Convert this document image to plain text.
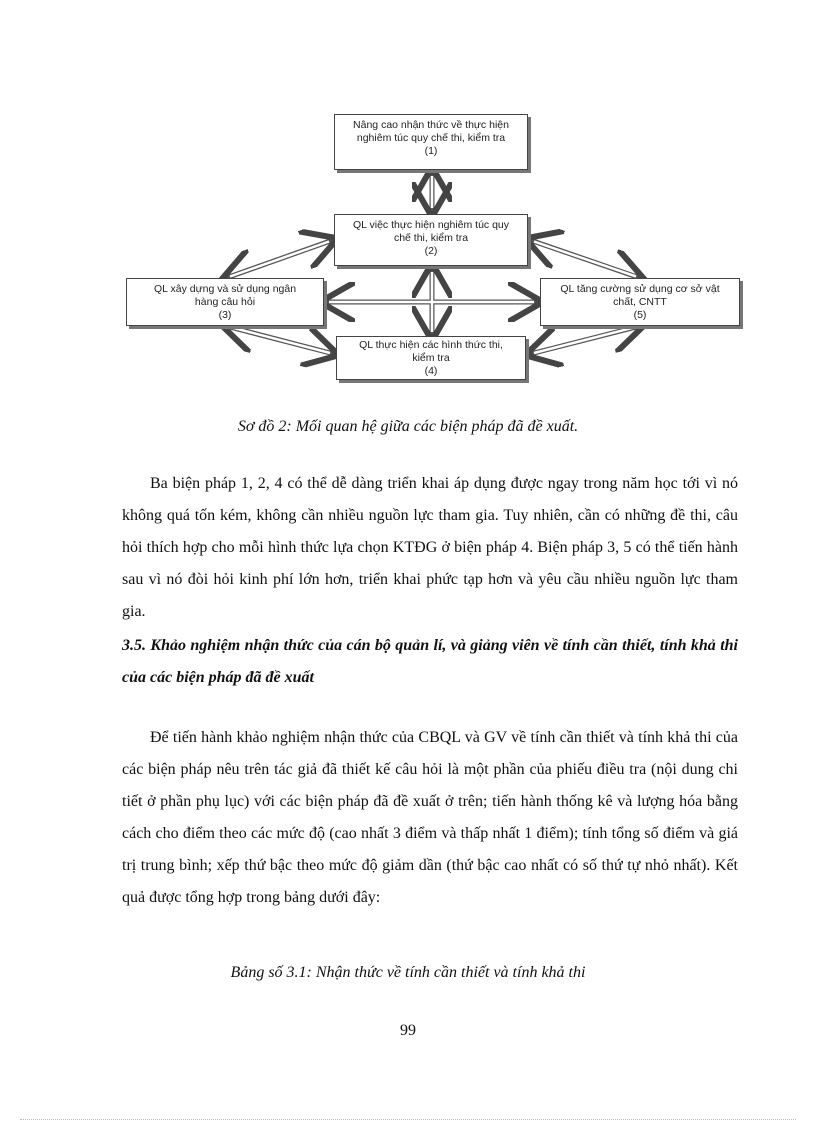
Nâng cao nhận thức về thực hiện
nghiêm túc quy chế thi, kiểm tra
(1)
QL việc thực hiện nghiêm túc quy
chế thi, kiểm tra
(2)
QL xây dựng và sử dụng ngân
hàng câu hỏi
(3)
QL thực hiện các hình thức thi,
kiểm tra
(4)
QL tăng cường sử dụng cơ sở vật
chất, CNTT
(5)
Sơ đồ 2: Mối quan hệ giữa các biện pháp đã đề xuất.

Ba biện pháp 1, 2, 4 có thể dễ dàng triển khai áp dụng được ngay trong năm học tới vì nó không quá tốn kém, không cần nhiều nguồn lực tham gia. Tuy nhiên, cần có những đề thi, câu hỏi thích hợp cho mỗi hình thức lựa chọn KTĐG ở biện pháp 4. Biện pháp 3, 5 có thể tiến hành sau vì nó đòi hỏi kinh phí lớn hơn, triển khai phức tạp hơn và yêu cầu nhiều nguồn lực tham gia.

3.5. Khảo nghiệm nhận thức của cán bộ quản lí, và giảng viên về tính cần thiết, tính khả thi của các biện pháp đã đề xuất

Để tiến hành khảo nghiệm nhận thức của CBQL và GV về tính cần thiết và tính khả thi của các biện pháp nêu trên tác giả đã thiết kế câu hỏi là một phần của phiếu điều tra (nội dung chi tiết ở phần phụ lục) với các biện pháp đã đề xuất ở trên; tiến hành thống kê và lượng hóa bằng cách cho điểm theo các mức độ (cao nhất 3 điểm và thấp nhất 1 điểm); tính tổng số điểm và giá trị trung bình; xếp thứ bậc theo mức độ giảm dần (thứ bậc cao nhất có số thứ tự nhỏ nhất). Kết quả được tổng hợp trong bảng dưới đây:

Bảng số 3.1: Nhận thức về tính cần thiết và tính khả thi
99
